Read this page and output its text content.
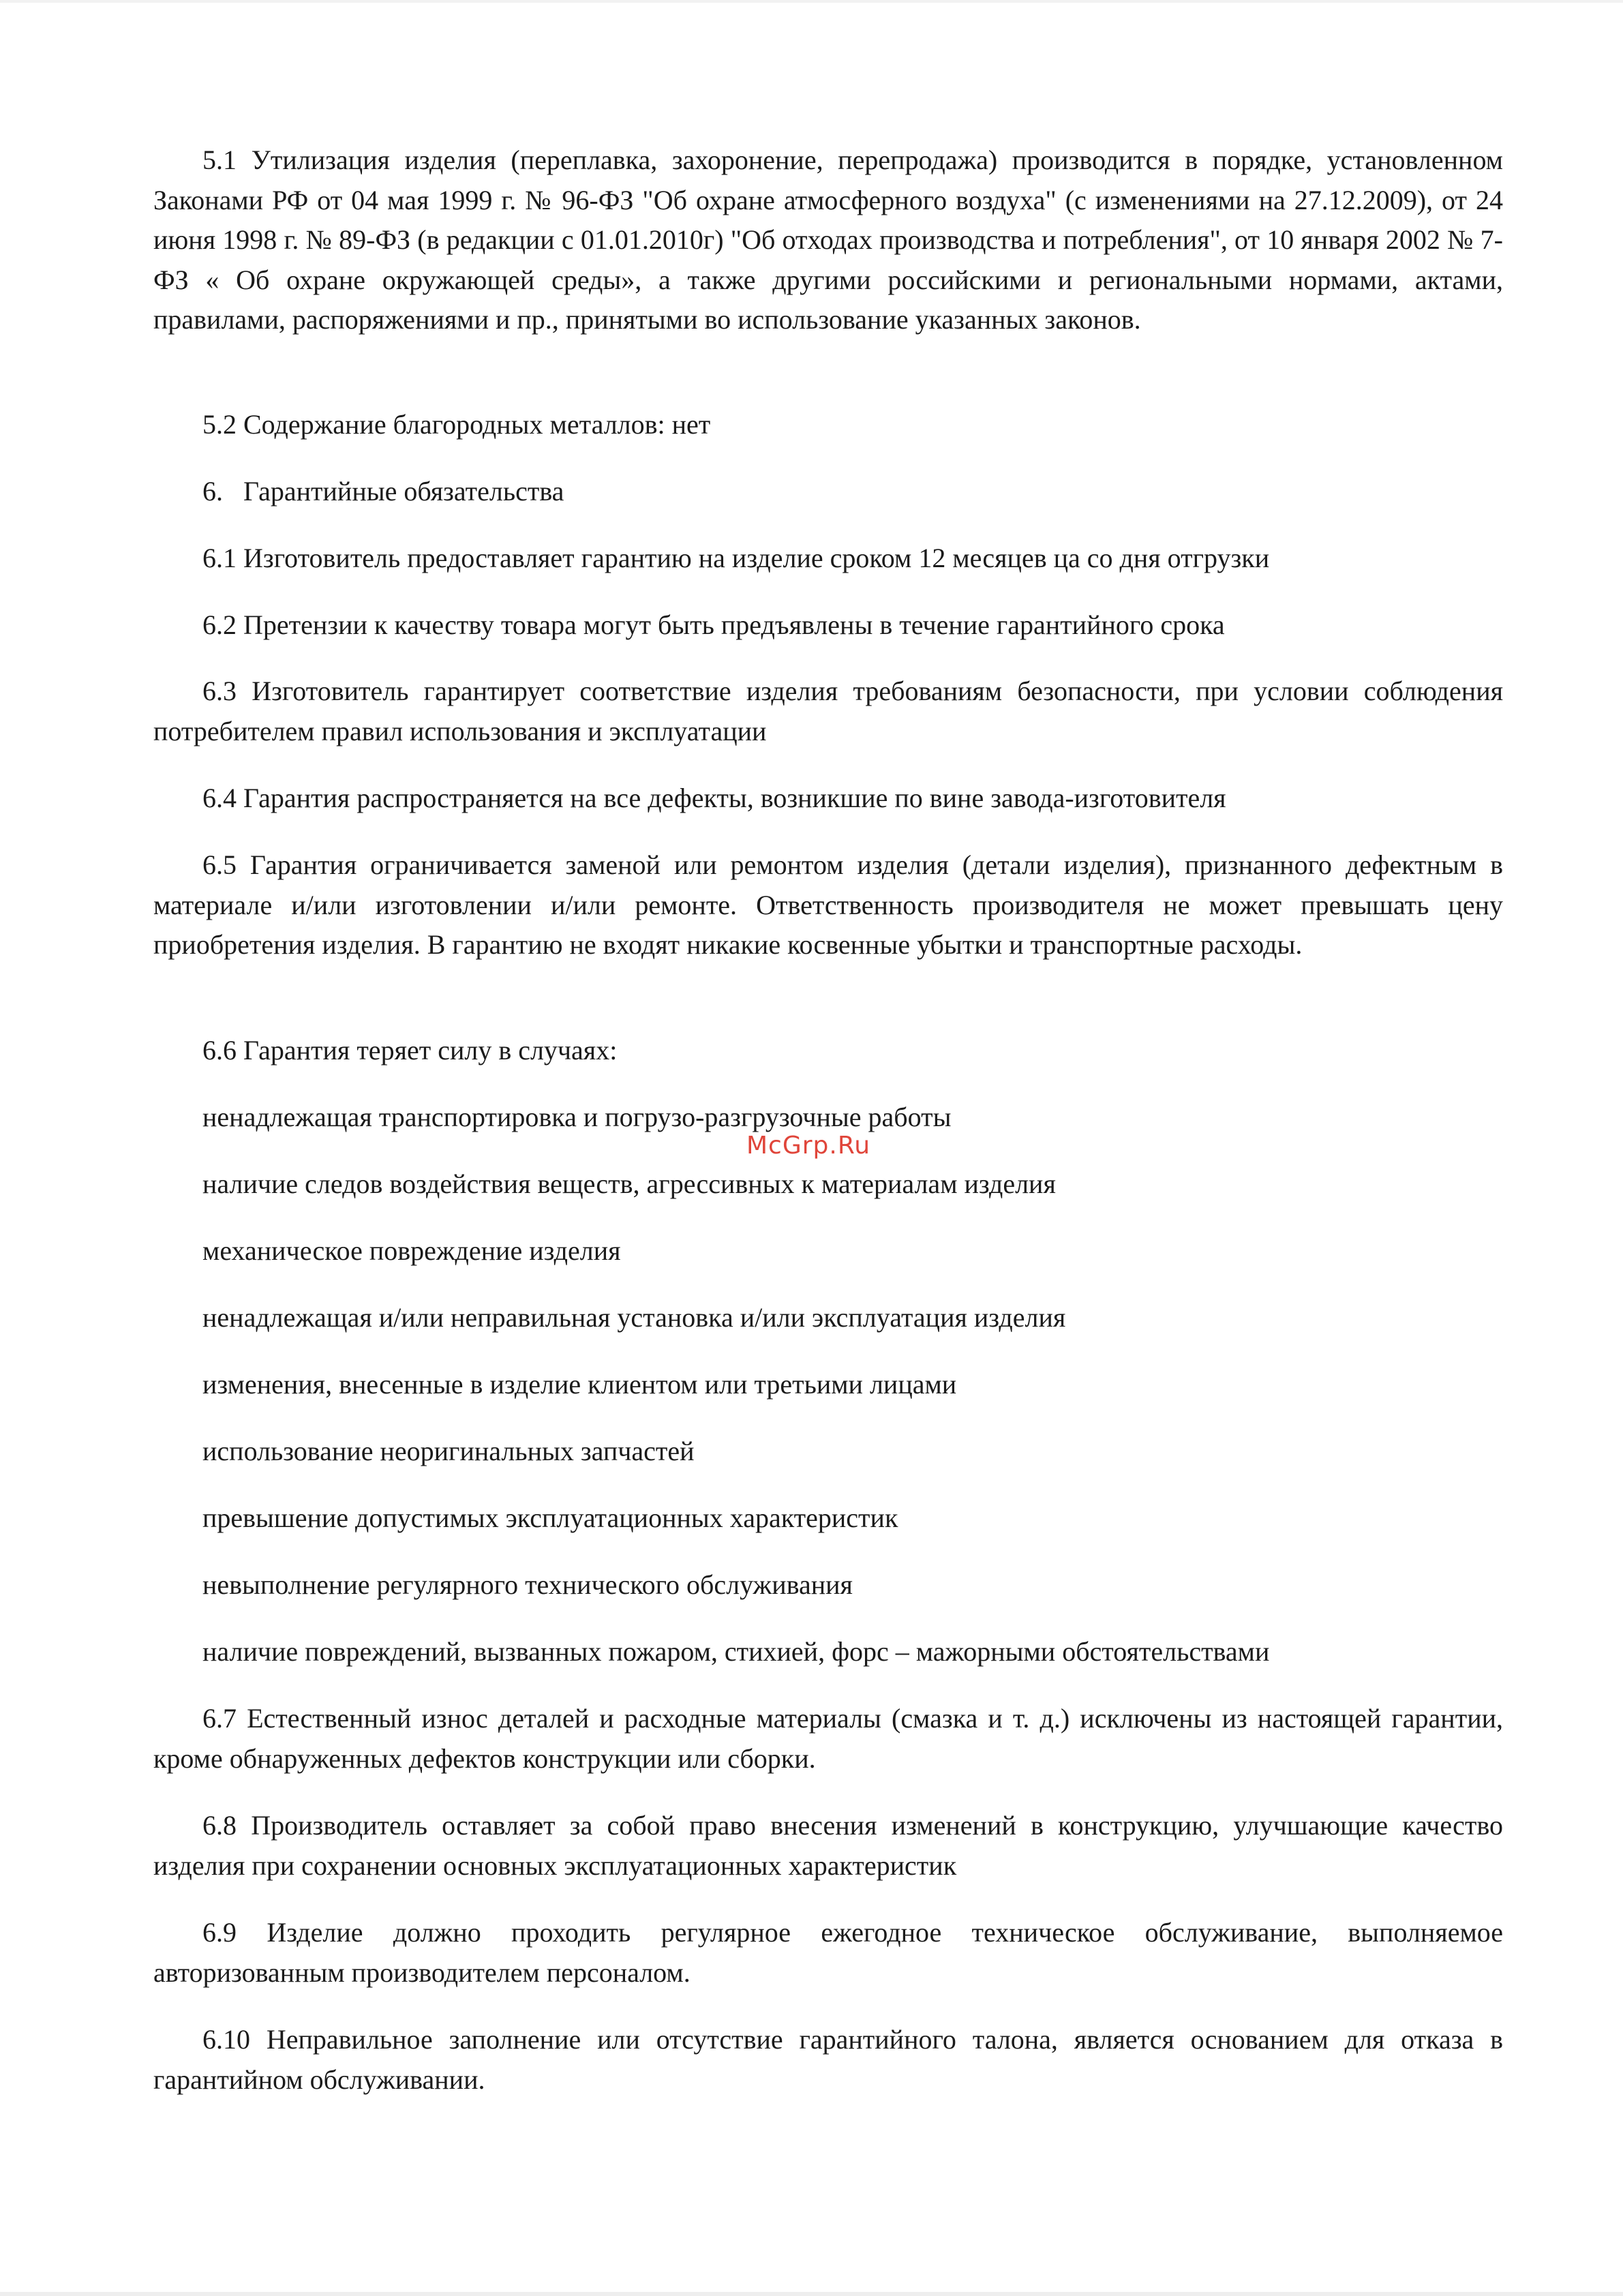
5.1 Утилизация изделия (переплавка, захоронение, перепродажа) производится в порядке, установленном Законами РФ от 04 мая 1999 г. № 96-ФЗ "Об охране атмосферного воздуха" (с изменениями на 27.12.2009), от 24 июня 1998 г. № 89-ФЗ (в редакции с 01.01.2010г) "Об отходах производства и потребления", от 10 января 2002 № 7-ФЗ « Об охране окружающей среды», а также другими российскими и региональными нормами, актами, правилами, распоряжениями и пр., принятыми во использование указанных законов.

5.2 Содержание благородных металлов: нет

6.   Гарантийные обязательства

6.1 Изготовитель предоставляет гарантию на изделие сроком 12 месяцев ца со дня отгрузки

6.2 Претензии к качеству товара могут быть предъявлены в течение гарантийного срока

6.3 Изготовитель гарантирует соответствие изделия требованиям безопасности, при условии соблюдения потребителем правил использования и эксплуатации

6.4 Гарантия распространяется на все дефекты, возникшие по вине завода-изготовителя

6.5 Гарантия ограничивается заменой или ремонтом изделия (детали изделия), признанного дефектным в материале и/или изготовлении и/или ремонте. Ответственность производителя не может превышать цену приобретения изделия. В гарантию не входят никакие косвенные убытки и транспортные расходы.

6.6 Гарантия теряет силу в случаях:

ненадлежащая транспортировка и погрузо-разгрузочные работы

наличие следов воздействия веществ, агрессивных к материалам изделия

механическое повреждение изделия

ненадлежащая и/или неправильная установка и/или эксплуатация изделия

изменения, внесенные в изделие клиентом или третьими лицами

использование неоригинальных запчастей

превышение допустимых эксплуатационных характеристик

невыполнение регулярного технического обслуживания

наличие повреждений, вызванных пожаром, стихией, форс – мажорными обстоятельствами

6.7 Естественный износ деталей и расходные материалы (смазка и т. д.) исключены из настоящей гарантии, кроме обнаруженных дефектов конструкции или сборки.

6.8 Производитель оставляет за собой право внесения изменений в конструкцию, улучшающие качество изделия при сохранении основных эксплуатационных характеристик

6.9 Изделие должно проходить регулярное ежегодное техническое обслуживание, выполняемое авторизованным производителем персоналом.

6.10 Неправильное заполнение или отсутствие гарантийного талона, является основанием для отказа в гарантийном обслуживании.

McGrp.Ru
